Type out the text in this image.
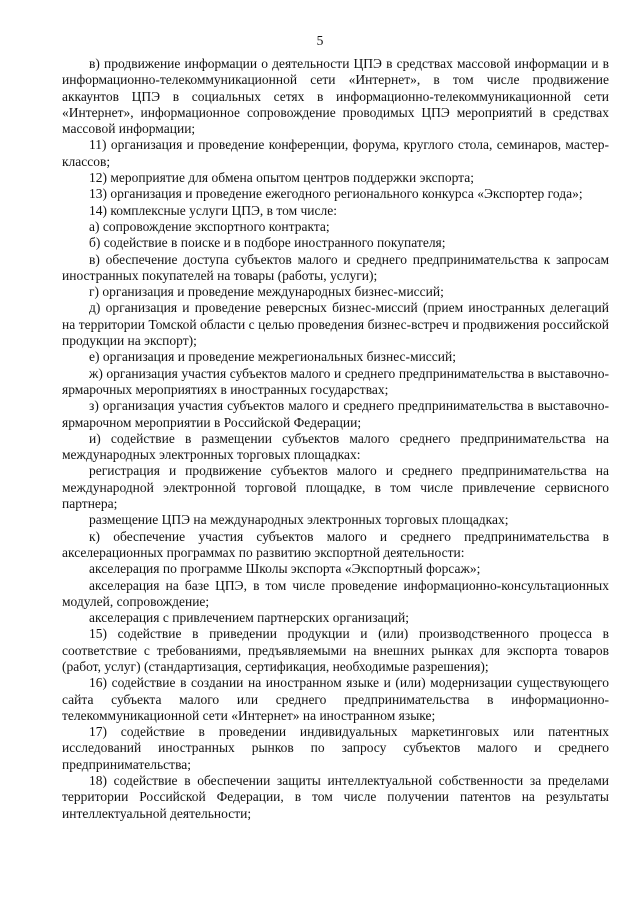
5

в) продвижение информации о деятельности ЦПЭ в средствах массовой информации и в информационно-телекоммуникационной сети «Интернет», в том числе продвижение аккаунтов ЦПЭ в социальных сетях в информационно-телекоммуникационной сети «Интернет», информационное сопровождение проводимых ЦПЭ мероприятий в средствах массовой информации;

11) организация и проведение конференции, форума, круглого стола, семинаров, мастер-классов;

12) мероприятие для обмена опытом центров поддержки экспорта;

13) организация и проведение ежегодного регионального конкурса «Экспортер года»;

14) комплексные услуги ЦПЭ, в том числе:

а) сопровождение экспортного контракта;

б) содействие в поиске и в подборе иностранного покупателя;

в) обеспечение доступа субъектов малого и среднего предпринимательства к запросам иностранных покупателей на товары (работы, услуги);

г) организация и проведение международных бизнес-миссий;

д) организация и проведение реверсных бизнес-миссий (прием иностранных делегаций на территории Томской области с целью проведения бизнес-встреч и продвижения российской продукции на экспорт);

е) организация и проведение межрегиональных бизнес-миссий;

ж) организация участия субъектов малого и среднего предпринимательства в выставочно-ярмарочных мероприятиях в иностранных государствах;

з) организация участия субъектов малого и среднего предпринимательства в выставочно-ярмарочном мероприятии в Российской Федерации;

и) содействие в размещении субъектов малого среднего предпринимательства на международных электронных торговых площадках:

регистрация и продвижение субъектов малого и среднего предпринимательства на международной электронной торговой площадке, в том числе привлечение сервисного партнера;

размещение ЦПЭ на международных электронных торговых площадках;

к) обеспечение участия субъектов малого и среднего предпринимательства в акселерационных программах по развитию экспортной деятельности:

акселерация по программе Школы экспорта «Экспортный форсаж»;

акселерация на базе ЦПЭ, в том числе проведение информационно-консультационных модулей, сопровождение;

акселерация с привлечением партнерских организаций;

15) содействие в приведении продукции и (или) производственного процесса в соответствие с требованиями, предъявляемыми на внешних рынках для экспорта товаров (работ, услуг) (стандартизация, сертификация, необходимые разрешения);

16) содействие в создании на иностранном языке и (или) модернизации существующего сайта субъекта малого или среднего предпринимательства в информационно-телекоммуникационной сети «Интернет» на иностранном языке;

17) содействие в проведении индивидуальных маркетинговых или патентных исследований иностранных рынков по запросу субъектов малого и среднего предпринимательства;

18) содействие в обеспечении защиты интеллектуальной собственности за пределами территории Российской Федерации, в том числе получении патентов на результаты интеллектуальной деятельности;
